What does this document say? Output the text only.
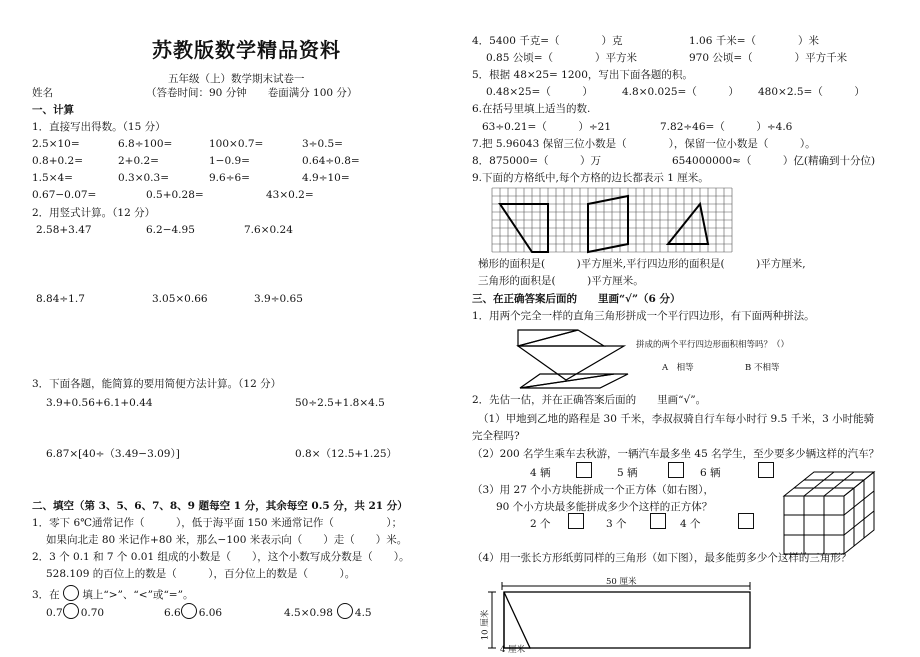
苏教版数学精品资料
五年级（上）数学期末试卷一
姓名	（答卷时间：90 分钟　　卷面满分 100 分）
一、计算
1．直接写出得数。（15 分）
2.5×10=	6.8÷100=	100×0.7=	3÷0.5=
0.8+0.2=	2+0.2=	1−0.9=	0.64÷0.8=
1.5×4=	0.3×0.3=	9.6÷6=	4.9÷10=
0.67−0.07=	0.5+0.28=	43×0.2=
2．用竖式计算。（12 分）
2.58+3.47	6.2−4.95	7.6×0.24
8.84÷1.7	3.05×0.66	3.9÷0.65
3．下面各题，能简算的要用简便方法计算。（12 分）
3.9+0.56+6.1+0.44	50÷2.5+1.8×4.5
6.87×[40÷（3.49−3.09）]	0.8×（12.5+1.25）
二、填空（第 3、5、6、7、8、9 题每空 1 分，其余每空 0.5 分，共 21 分）
1．零下 6℃通常记作（　　　），低于海平面 150 米通常记作（　　　　　）；
如果向北走 80 米记作+80 米，那么−100 米表示向（　　）走（　　）米。
2．3 个 0.1 和 7 个 0.01 组成的小数是（　　），这个小数写成分数是（　　）。
528.109 的百位上的数是（　　　），百分位上的数是（　　　）。
3．在 填上“>”、“<”或“=”。
0.7 0.70	6.6 6.06	4.5×0.98 4.5
4．5400 千克=（　　　　）克	1.06 千米=（　　　　）米
0.85 公顷=（　　　　）平方米	970 公顷=（　　　　）平方千米
5．根据 48×25= 1200，写出下面各题的积。
0.48×25=（　　　）	4.8×0.025=（　　　） 480×2.5=（　　　）
6.在括号里填上适当的数.
63÷0.21=（　　　）÷21	7.82÷46=（　　　）÷4.6
7.把 5.96043 保留三位小数是（　　　　），保留一位小数是（　　　）。
8．875000=（　　　）万	654000000≈（　　　）亿(精确到十分位)
9.下面的方格纸中,每个方格的边长都表示 1 厘米。
梯形的面积是(　　　)平方厘米,平行四边形的面积是(　　　)平方厘米,
三角形的面积是(　　　)平方厘米。
三、在正确答案后面的　　里画“√”（6 分）
1．用两个完全一样的直角三角形拼成一个平行四边形，有下面两种拼法。
拼成的两个平行四边形面积相等吗？（）
A　相等	B 不相等
2．先估一估，并在正确答案后面的　　里画“√”。
（1）甲地到乙地的路程是 30 千米，李叔叔骑自行车每小时行 9.5 千米，3 小时能骑
完全程吗?
（2）200 名学生乘车去秋游，一辆汽车最多坐 45 名学生，至少要多少辆这样的汽车？
4 辆	5 辆	6 辆
（3）用 27 个小方块能拼成一个正方体（如右图），
90 个小方块最多能拼成多少个这样的正方体？
2 个	3 个	4 个
（4）用一张长方形纸剪同样的三角形（如下图），最多能剪多少个这样的三角形？
50 厘米
10 厘米
4 厘米
